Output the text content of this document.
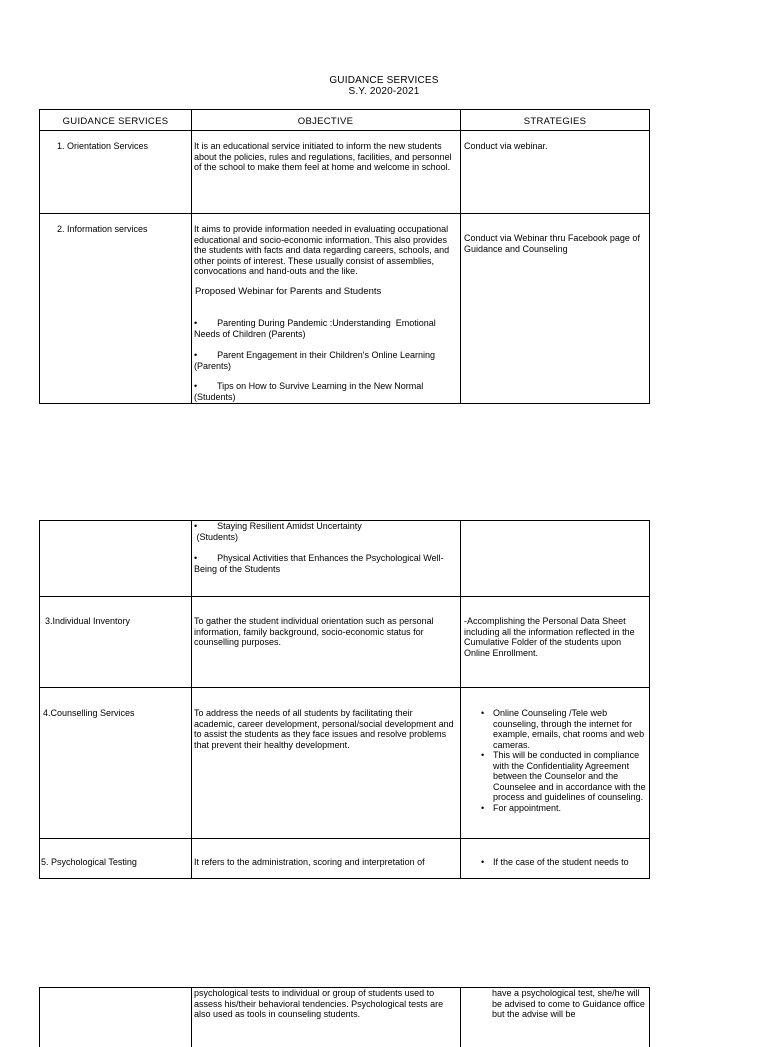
GUIDANCE SERVICES
S.Y. 2020-2021
GUIDANCE SERVICES	OBJECTIVE	STRATEGIES
1. Orientation Services	It is an educational service initiated to inform the new students about the policies, rules and regulations, facilities, and personnel of the school to make them feel at home and welcome in school.
Conduct via webinar.
2. Information services	It aims to provide information needed in evaluating occupational educational and socio-economic information. This also provides the students with facts and data regarding careers, schools, and other points of interest. These usually consist of assemblies, convocations and hand-outs and the like.
Proposed Webinar for Parents and Students
•        Parenting During Pandemic :Understanding  Emotional Needs of Children (Parents)
•        Parent Engagement in their Children's Online Learning (Parents)
•        Tips on How to Survive Learning in the New Normal (Students)
Conduct via Webinar thru Facebook page of Guidance and Counseling
•        Staying Resilient Amidst Uncertainty
(Students)
•        Physical Activities that Enhances the Psychological Well-Being of the Students
3.Individual Inventory	To gather the student individual orientation such as personal information, family background, socio-economic status for counselling purposes.
-Accomplishing the Personal Data Sheet including all the information reflected in the Cumulative Folder of the students upon Online Enrollment.
4.Counselling Services	To address the needs of all students by facilitating their academic, career development, personal/social development and to assist the students as they face issues and resolve problems that prevent their healthy development.
• Online Counseling /Tele web counseling, through the internet for example, emails, chat rooms and web cameras.
• This will be conducted in compliance with the Confidentiality Agreement between the Counselor and the Counselee and in accordance with the process and guidelines of counseling.
• For appointment.
5. Psychological Testing	It refers to the administration, scoring and interpretation of
•	If the case of the student needs to
psychological tests to individual or group of students used to assess his/their behavioral tendencies. Psychological tests are also used as tools in counseling students.
have a psychological test, she/he will be advised to come to Guidance office but the advise will be
